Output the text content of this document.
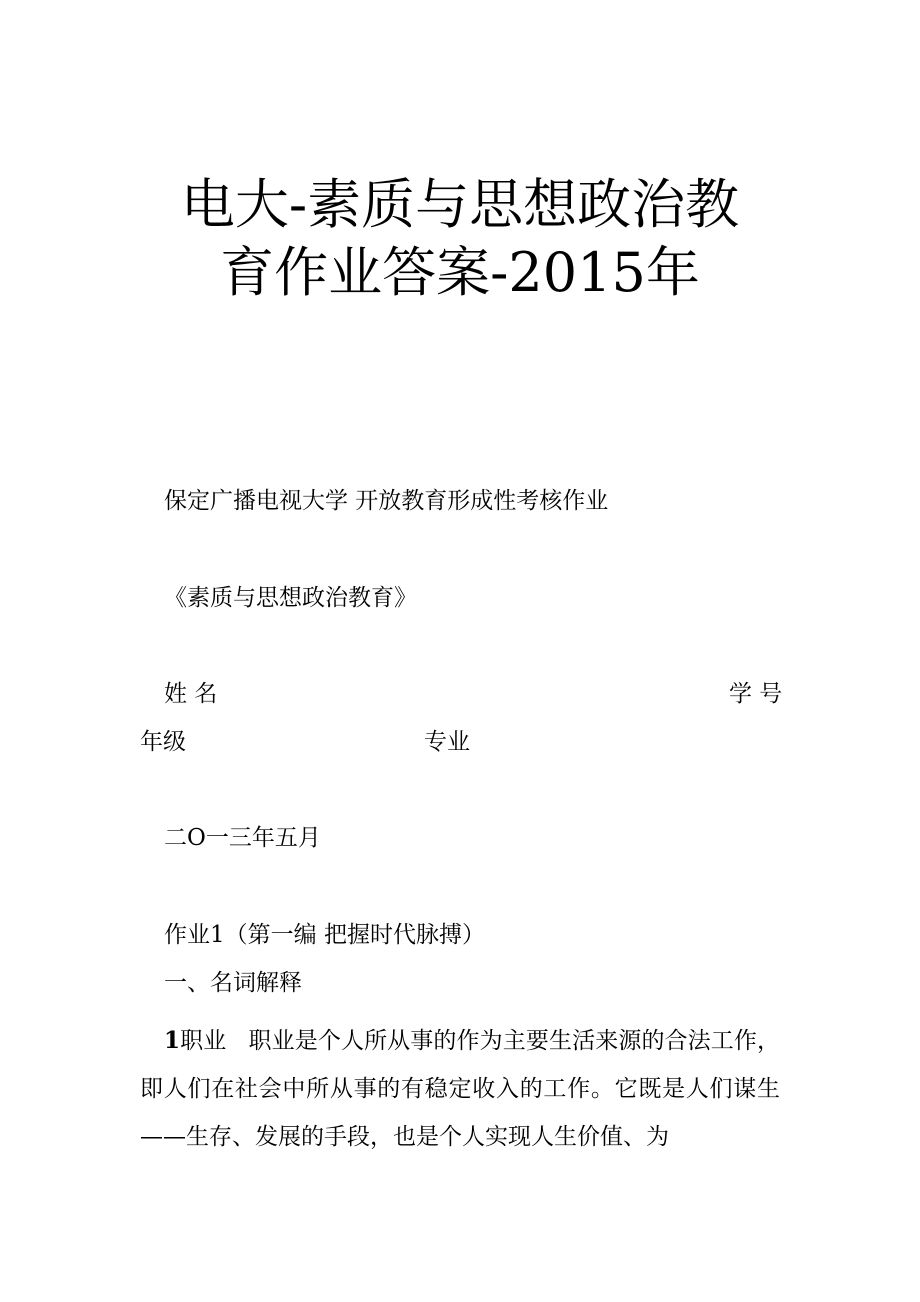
电大-素质与思想政治教
育作业答案-2015年
保定广播电视大学 开放教育形成性考核作业
《素质与思想政治教育》
姓 名	学 号
年级	专业
二O一三年五月
作业1（第一编 把握时代脉搏）
一、名词解释
1职业 职业是个人所从事的作为主要生活来源的合法工作，即人们在社会中所从事的有稳定收入的工作。它既是人们谋生——生存、发展的手段，也是个人实现人生价值、为
